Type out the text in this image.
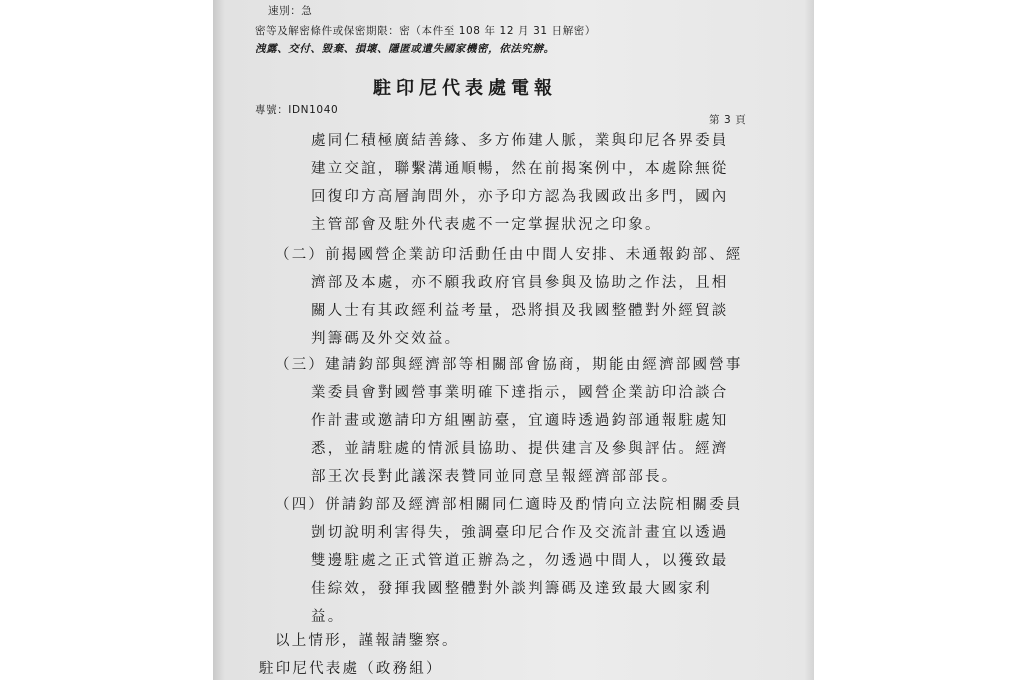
速別：急
密等及解密條件或保密期限：密（本件至 108 年 12 月 31 日解密）
洩露、交付、毀棄、損壞、隱匿或遺失國家機密，依法究辦。
駐印尼代表處電報
專號：IDN1040
第 3 頁
處同仁積極廣結善緣、多方佈建人脈，業與印尼各界委員
建立交誼，聯繫溝通順暢，然在前揭案例中，本處除無從
回復印方高層詢問外，亦予印方認為我國政出多門，國內
主管部會及駐外代表處不一定掌握狀況之印象。
（二）前揭國營企業訪印活動任由中間人安排、未通報鈞部、經
濟部及本處，亦不願我政府官員參與及協助之作法，且相
關人士有其政經利益考量，恐將損及我國整體對外經貿談
判籌碼及外交效益。
（三）建請鈞部與經濟部等相關部會協商，期能由經濟部國營事
業委員會對國營事業明確下達指示，國營企業訪印洽談合
作計畫或邀請印方組團訪臺，宜適時透過鈞部通報駐處知
悉，並請駐處的情派員協助、提供建言及參與評估。經濟
部王次長對此議深表贊同並同意呈報經濟部部長。
（四）併請鈞部及經濟部相關同仁適時及酌情向立法院相關委員
剴切說明利害得失，強調臺印尼合作及交流計畫宜以透過
雙邊駐處之正式管道正辦為之，勿透過中間人，以獲致最
佳綜效，發揮我國整體對外談判籌碼及達致最大國家利
益。
以上情形，謹報請鑒察。
駐印尼代表處（政務組）
